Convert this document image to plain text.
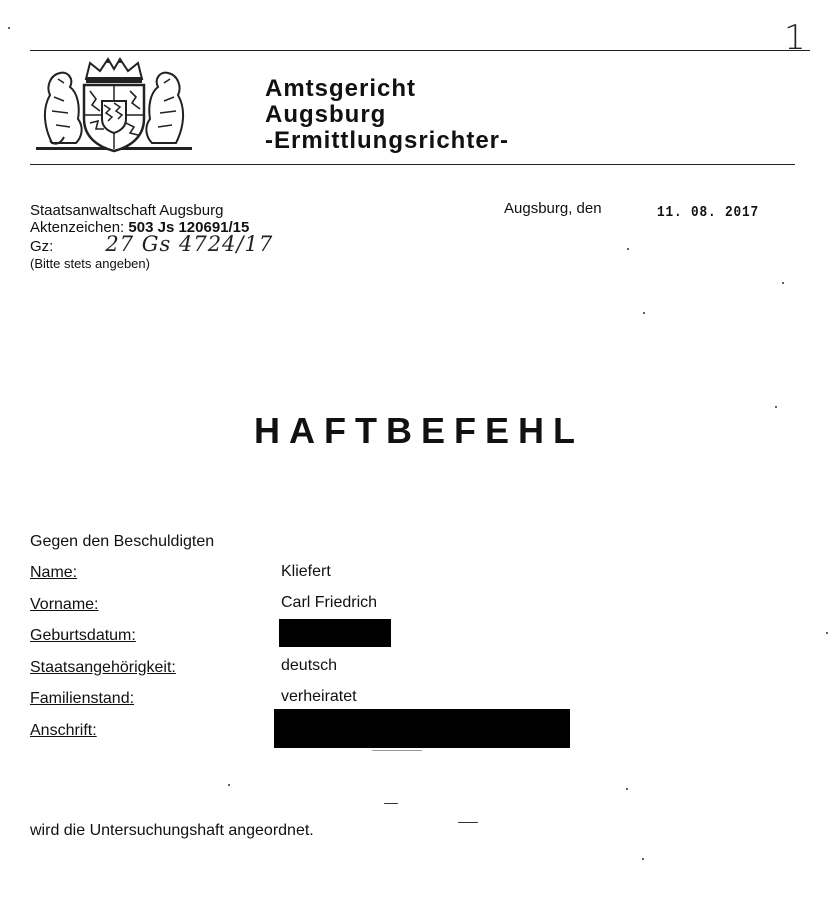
1
Amtsgericht
Augsburg
-Ermittlungsrichter-
Staatsanwaltschaft Augsburg
Aktenzeichen: 503 Js 120691/15
Gz: 27 Gs 4724/17
(Bitte stets angeben)
Augsburg, den	11. 08. 2017
HAFTBEFEHL
Gegen den Beschuldigten
Name:	Kliefert
Vorname:	Carl Friedrich
Geburtsdatum:
Staatsangehörigkeit:	deutsch
Familienstand:	verheiratet
Anschrift:
wird die Untersuchungshaft angeordnet.
